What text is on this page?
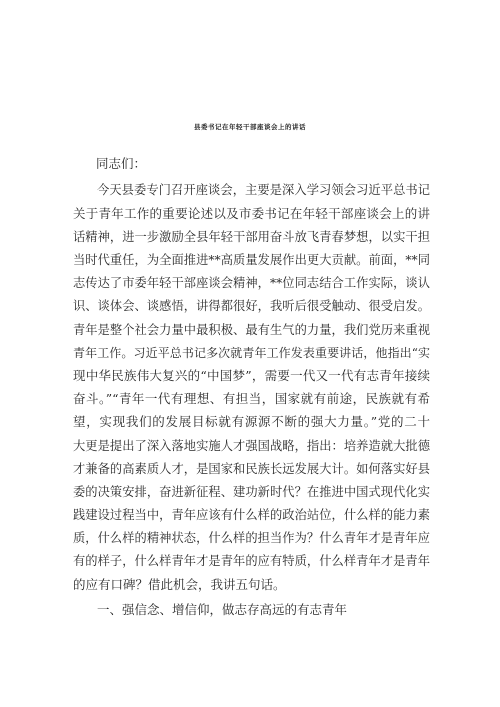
县委书记在年轻干部座谈会上的讲话
同志们：
今天县委专门召开座谈会，主要是深入学习领会习近平总书记
关于青年工作的重要论述以及市委书记在年轻干部座谈会上的讲
话精神，进一步激励全县年轻干部用奋斗放飞青春梦想，以实干担
当时代重任，为全面推进**高质量发展作出更大贡献。前面，**同
志传达了市委年轻干部座谈会精神，**位同志结合工作实际，谈认
识、谈体会、谈感悟，讲得都很好，我听后很受触动、很受启发。
青年是整个社会力量中最积极、最有生气的力量，我们党历来重视
青年工作。习近平总书记多次就青年工作发表重要讲话，他指出“实
现中华民族伟大复兴的“中国梦”，需要一代又一代有志青年接续
奋斗。”“青年一代有理想、有担当，国家就有前途，民族就有希
望，实现我们的发展目标就有源源不断的强大力量。”党的二十
大更是提出了深入落地实施人才强国战略，指出：培养造就大批德
才兼备的高素质人才，是国家和民族长远发展大计。如何落实好县
委的决策安排，奋进新征程、建功新时代？在推进中国式现代化实
践建设过程当中，青年应该有什么样的政治站位，什么样的能力素
质，什么样的精神状态，什么样的担当作为？什么青年才是青年应
有的样子，什么样青年才是青年的应有特质，什么样青年才是青年
的应有口碑？借此机会，我讲五句话。
一、强信念、增信仰，做志存高远的有志青年
